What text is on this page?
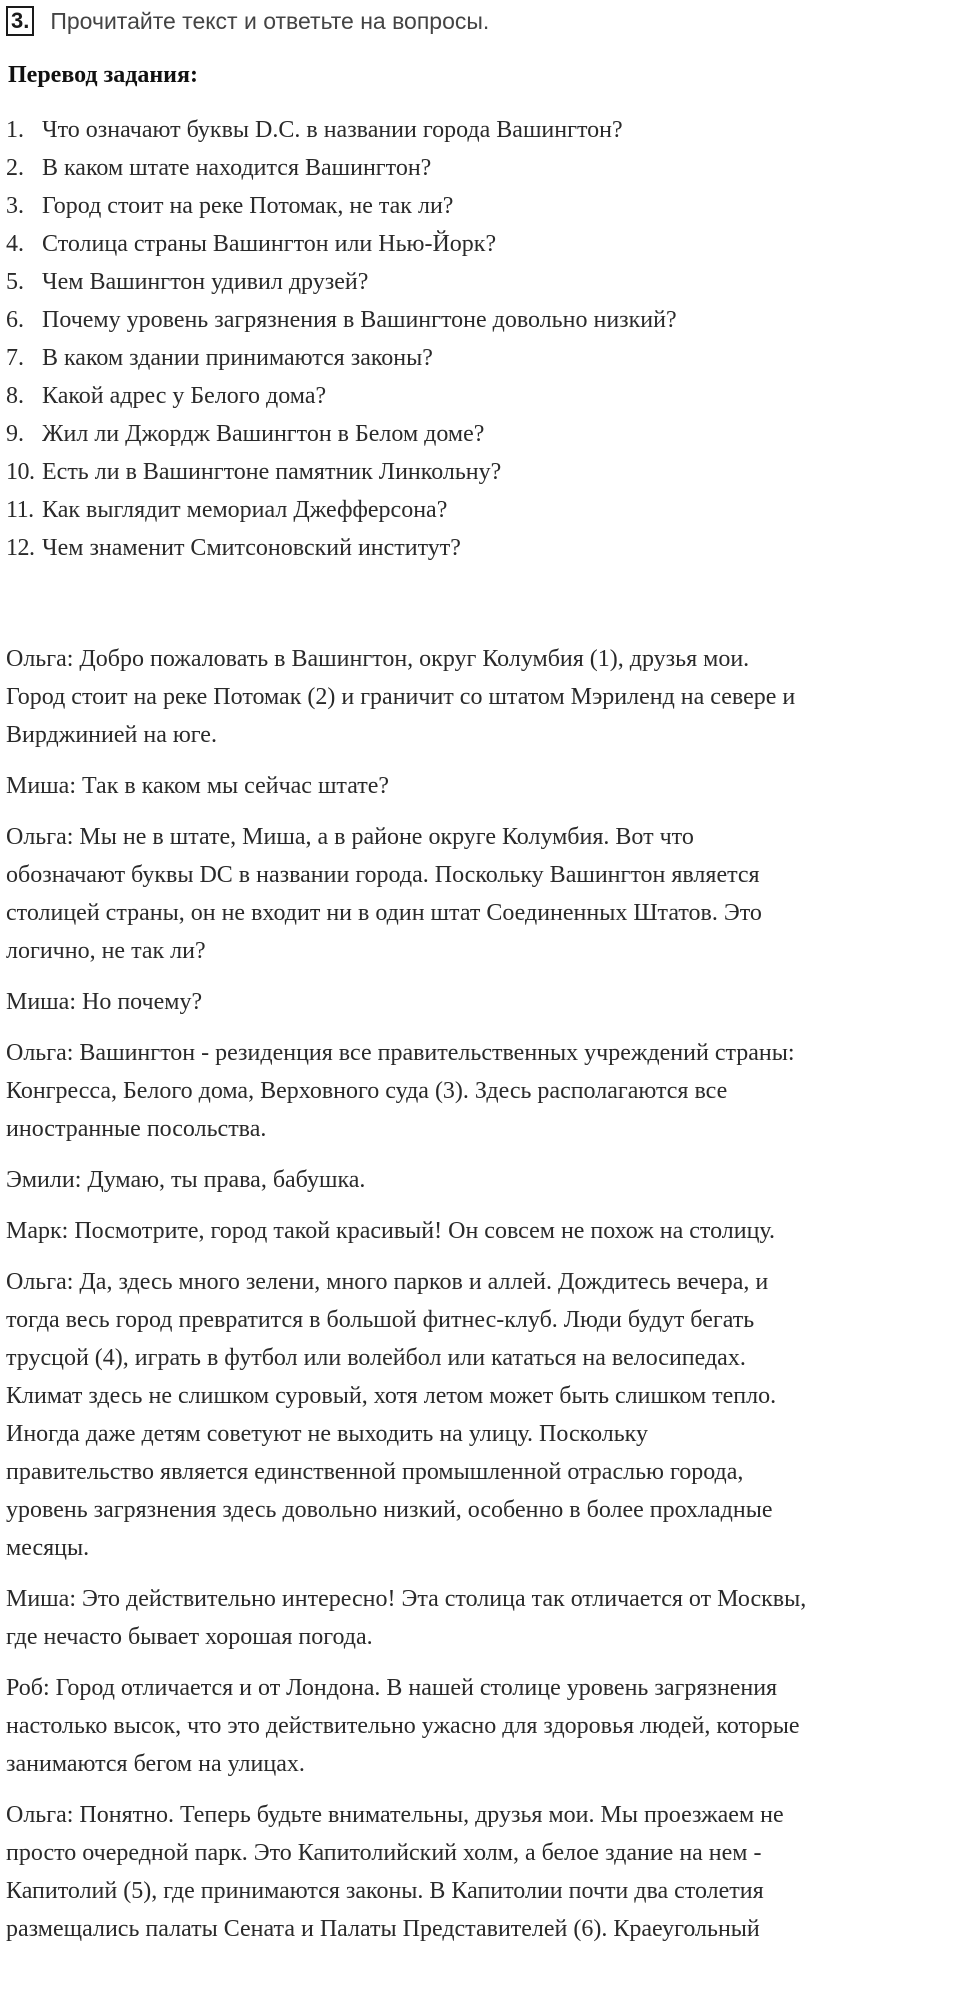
3. Прочитайте текст и ответьте на вопросы.
Перевод задания:
1. Что означают буквы D.C. в названии города Вашингтон?
2. В каком штате находится Вашингтон?
3. Город стоит на реке Потомак, не так ли?
4. Столица страны Вашингтон или Нью-Йорк?
5. Чем Вашингтон удивил друзей?
6. Почему уровень загрязнения в Вашингтоне довольно низкий?
7. В каком здании принимаются законы?
8. Какой адрес у Белого дома?
9. Жил ли Джордж Вашингтон в Белом доме?
10. Есть ли в Вашингтоне памятник Линкольну?
11. Как выглядит мемориал Джефферсона?
12. Чем знаменит Смитсоновский институт?
Ольга: Добро пожаловать в Вашингтон, округ Колумбия (1), друзья мои.
Город стоит на реке Потомак (2) и граничит со штатом Мэриленд на севере и
Вирджинией на юге.
Миша: Так в каком мы сейчас штате?
Ольга: Мы не в штате, Миша, а в районе округе Колумбия. Вот что
обозначают буквы DC в названии города. Поскольку Вашингтон является
столицей страны, он не входит ни в один штат Соединенных Штатов. Это
логично, не так ли?
Миша: Но почему?
Ольга: Вашингтон - резиденция все правительственных учреждений страны:
Конгресса, Белого дома, Верховного суда (3). Здесь располагаются все
иностранные посольства.
Эмили: Думаю, ты права, бабушка.
Марк: Посмотрите, город такой красивый! Он совсем не похож на столицу.
Ольга: Да, здесь много зелени, много парков и аллей. Дождитесь вечера, и
тогда весь город превратится в большой фитнес-клуб. Люди будут бегать
трусцой (4), играть в футбол или волейбол или кататься на велосипедах.
Климат здесь не слишком суровый, хотя летом может быть слишком тепло.
Иногда даже детям советуют не выходить на улицу. Поскольку
правительство является единственной промышленной отраслью города,
уровень загрязнения здесь довольно низкий, особенно в более прохладные
месяцы.
Миша: Это действительно интересно! Эта столица так отличается от Москвы,
где нечасто бывает хорошая погода.
Роб: Город отличается и от Лондона. В нашей столице уровень загрязнения
настолько высок, что это действительно ужасно для здоровья людей, которые
занимаются бегом на улицах.
Ольга: Понятно. Теперь будьте внимательны, друзья мои. Мы проезжаем не
просто очередной парк. Это Капитолийский холм, а белое здание на нем -
Капитолий (5), где принимаются законы. В Капитолии почти два столетия
размещались палаты Сената и Палаты Представителей (6). Краеугольный
